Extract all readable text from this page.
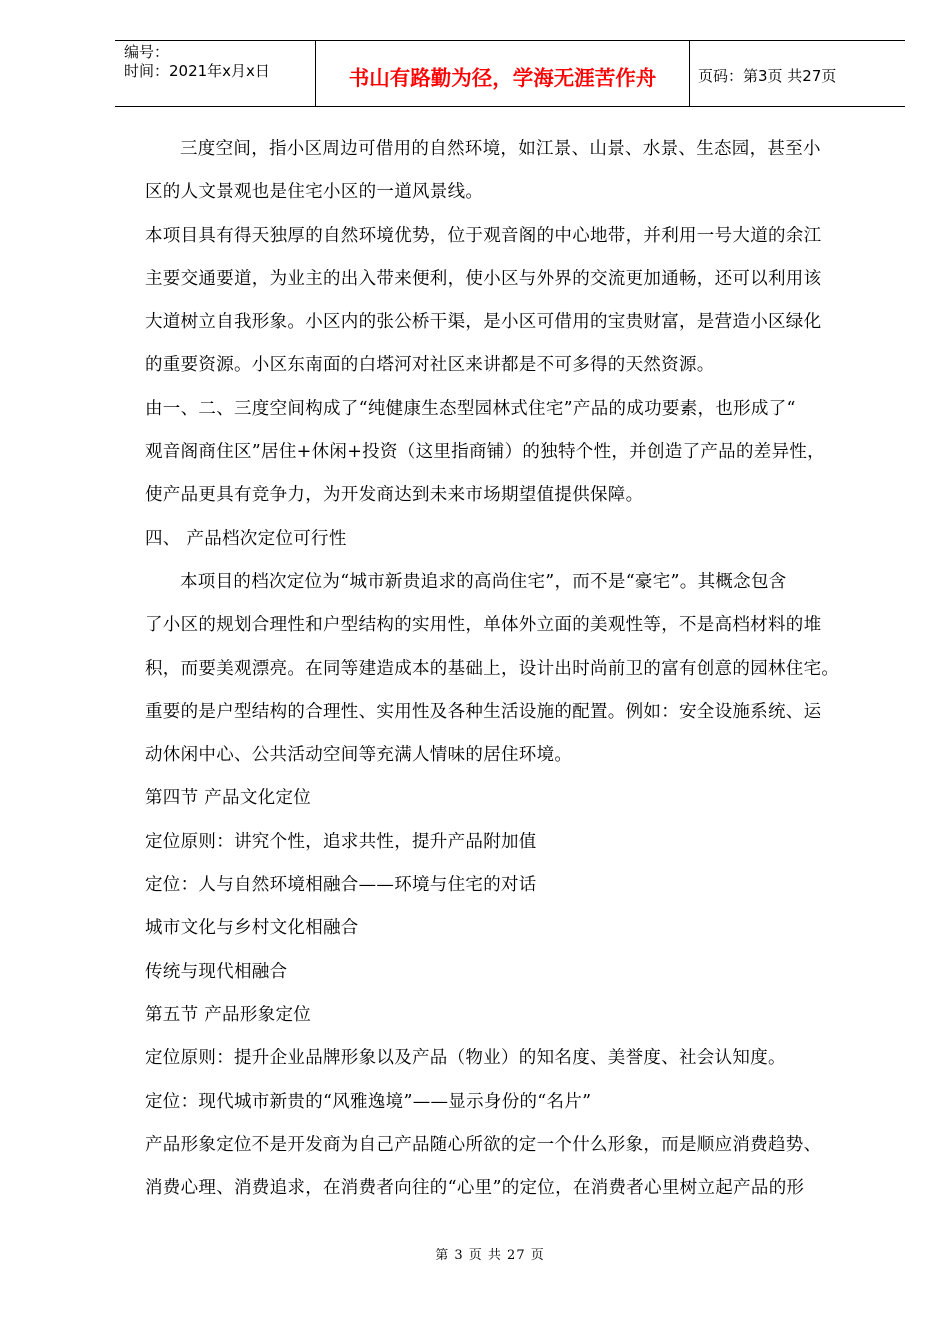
编号：
时间：2021年x月x日	书山有路勤为径，学海无涯苦作舟	页码：第3页 共27页
三度空间，指小区周边可借用的自然环境，如江景、山景、水景、生态园，甚至小
区的人文景观也是住宅小区的一道风景线。
本项目具有得天独厚的自然环境优势，位于观音阁的中心地带，并利用一号大道的余江
主要交通要道，为业主的出入带来便利，使小区与外界的交流更加通畅，还可以利用该
大道树立自我形象。小区内的张公桥干渠，是小区可借用的宝贵财富，是营造小区绿化
的重要资源。小区东南面的白塔河对社区来讲都是不可多得的天然资源。
由一、二、三度空间构成了“纯健康生态型园林式住宅”产品的成功要素，也形成了“
观音阁商住区”居住+休闲+投资（这里指商铺）的独特个性，并创造了产品的差异性，
使产品更具有竞争力，为开发商达到未来市场期望值提供保障。
四、 产品档次定位可行性
本项目的档次定位为“城市新贵追求的高尚住宅”，而不是“豪宅”。其概念包含
了小区的规划合理性和户型结构的实用性，单体外立面的美观性等，不是高档材料的堆
积，而要美观漂亮。在同等建造成本的基础上，设计出时尚前卫的富有创意的园林住宅。
重要的是户型结构的合理性、实用性及各种生活设施的配置。例如：安全设施系统、运
动休闲中心、公共活动空间等充满人情味的居住环境。
第四节 产品文化定位
定位原则：讲究个性，追求共性，提升产品附加值
定位：人与自然环境相融合——环境与住宅的对话
城市文化与乡村文化相融合
传统与现代相融合
第五节 产品形象定位
定位原则：提升企业品牌形象以及产品（物业）的知名度、美誉度、社会认知度。
定位：现代城市新贵的“风雅逸境”——显示身份的“名片”
产品形象定位不是开发商为自己产品随心所欲的定一个什么形象，而是顺应消费趋势、
消费心理、消费追求，在消费者向往的“心里”的定位，在消费者心里树立起产品的形
第 3 页 共 27 页
